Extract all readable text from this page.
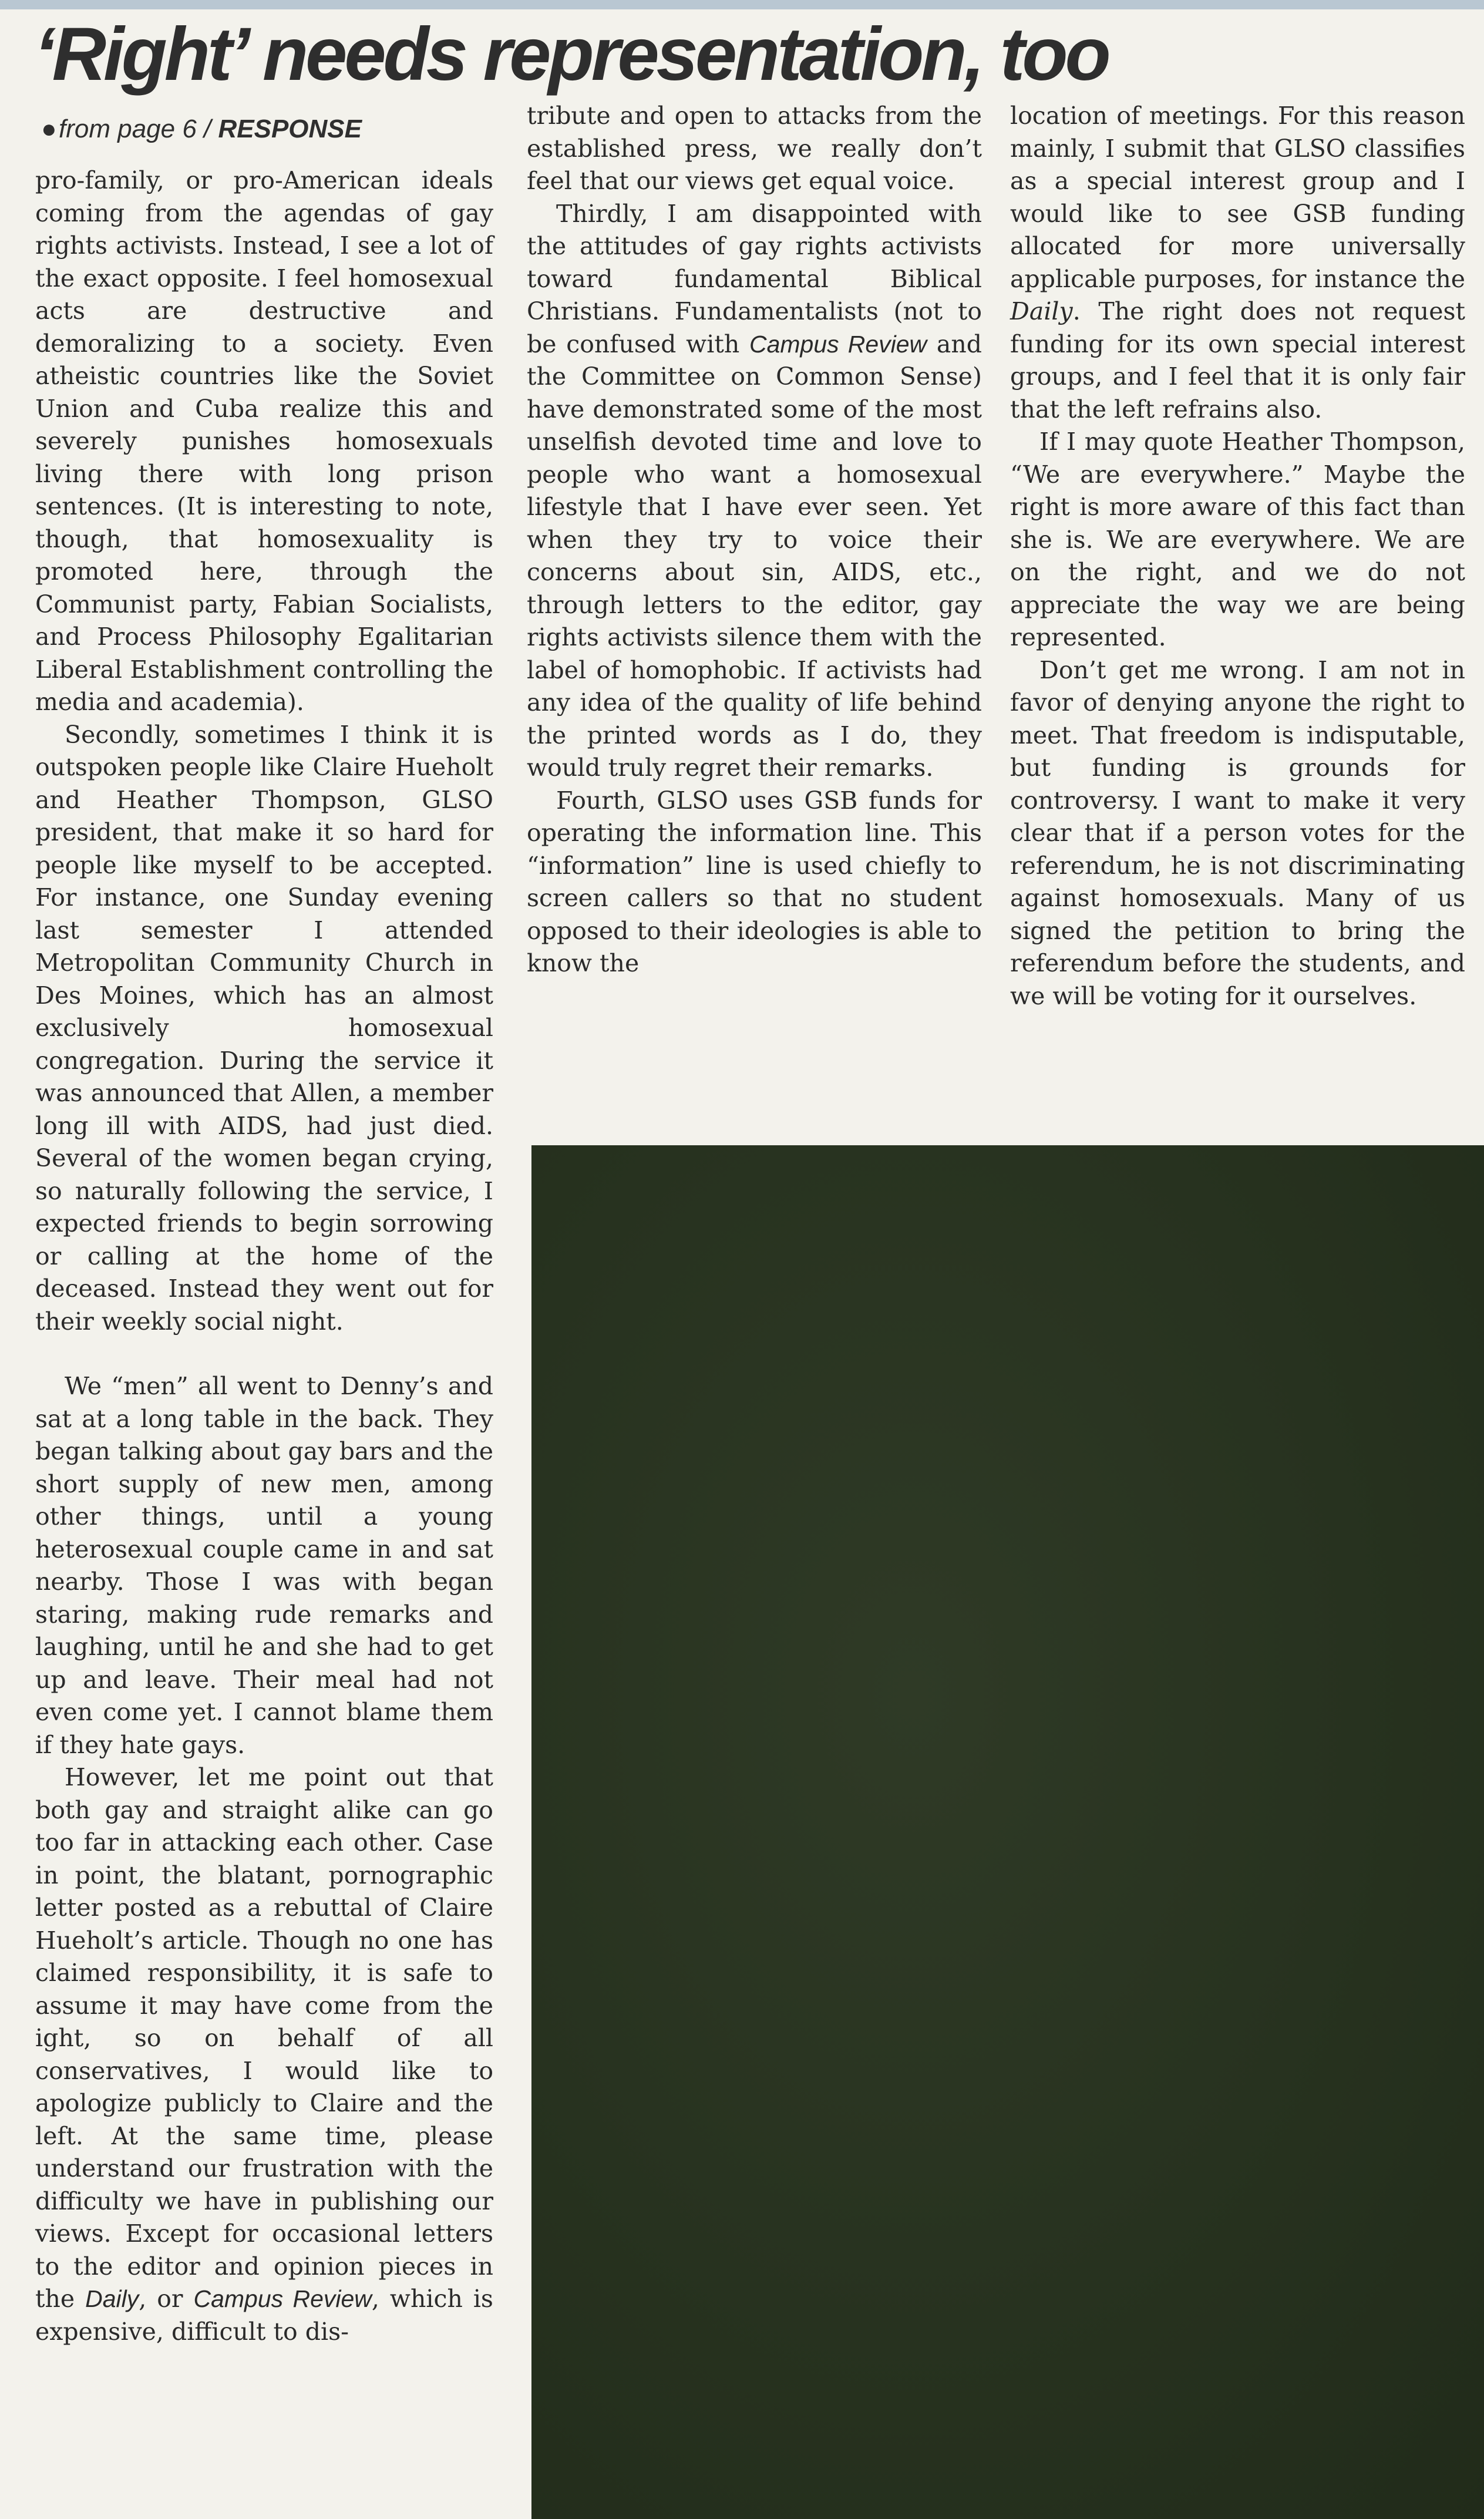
‘Right’ needs representation, too
●from page 6 / RESPONSE

pro-family, or pro-American ideals coming from the agendas of gay rights activists. Instead, I see a lot of the exact opposite. I feel homosexual acts are destructive and demoralizing to a society. Even atheistic countries like the Soviet Union and Cuba realize this and severely punishes homosexuals living there with long prison sentences. (It is interesting to note, though, that homosexuality is promoted here, through the Communist party, Fabian Socialists, and Process Philosophy Egalitarian Liberal Establishment controlling the media and academia).

Secondly, sometimes I think it is outspoken people like Claire Hueholt and Heather Thompson, GLSO president, that make it so hard for people like myself to be accepted. For instance, one Sunday evening last semester I attended Metropolitan Community Church in Des Moines, which has an almost exclusively homosexual congregation. During the service it was announced that Allen, a member long ill with AIDS, had just died. Several of the women began crying, so naturally following the service, I expected friends to begin sorrowing or calling at the home of the deceased. Instead they went out for their weekly social night.

We “men” all went to Denny’s and sat at a long table in the back. They began talking about gay bars and the short supply of new men, among other things, until a young heterosexual couple came in and sat nearby. Those I was with began staring, making rude remarks and laughing, until he and she had to get up and leave. Their meal had not even come yet. I cannot blame them if they hate gays.

However, let me point out that both gay and straight alike can go too far in attacking each other. Case in point, the blatant, pornographic letter posted as a rebuttal of Claire Hueholt’s article. Though no one has claimed responsibility, it is safe to assume it may have come from the ight, so on behalf of all conservatives, I would like to apologize publicly to Claire and the left. At the same time, please understand our frustration with the difficulty we have in publishing our views. Except for occasional letters to the editor and opinion pieces in the Daily, or Campus Review, which is expensive, difficult to dis-

tribute and open to attacks from the established press, we really don’t feel that our views get equal voice.

Thirdly, I am disappointed with the attitudes of gay rights activists toward fundamental Biblical Christians. Fundamentalists (not to be confused with Campus Review and the Committee on Common Sense) have demonstrated some of the most unselfish devoted time and love to people who want a homosexual lifestyle that I have ever seen. Yet when they try to voice their concerns about sin, AIDS, etc., through letters to the editor, gay rights activists silence them with the label of homophobic. If activists had any idea of the quality of life behind the printed words as I do, they would truly regret their remarks.

Fourth, GLSO uses GSB funds for operating the information line. This “information” line is used chiefly to screen callers so that no student opposed to their ideologies is able to know the

location of meetings. For this reason mainly, I submit that GLSO classifies as a special interest group and I would like to see GSB funding allocated for more universally applicable purposes, for instance the Daily. The right does not request funding for its own special interest groups, and I feel that it is only fair that the left refrains also.

If I may quote Heather Thompson, “We are everywhere.” Maybe the right is more aware of this fact than she is. We are everywhere. We are on the right, and we do not appreciate the way we are being represented.

Don’t get me wrong. I am not in favor of denying anyone the right to meet. That freedom is indisputable, but funding is grounds for controversy. I want to make it very clear that if a person votes for the referendum, he is not discriminating against homosexuals. Many of us signed the petition to bring the referendum before the students, and we will be voting for it ourselves.
